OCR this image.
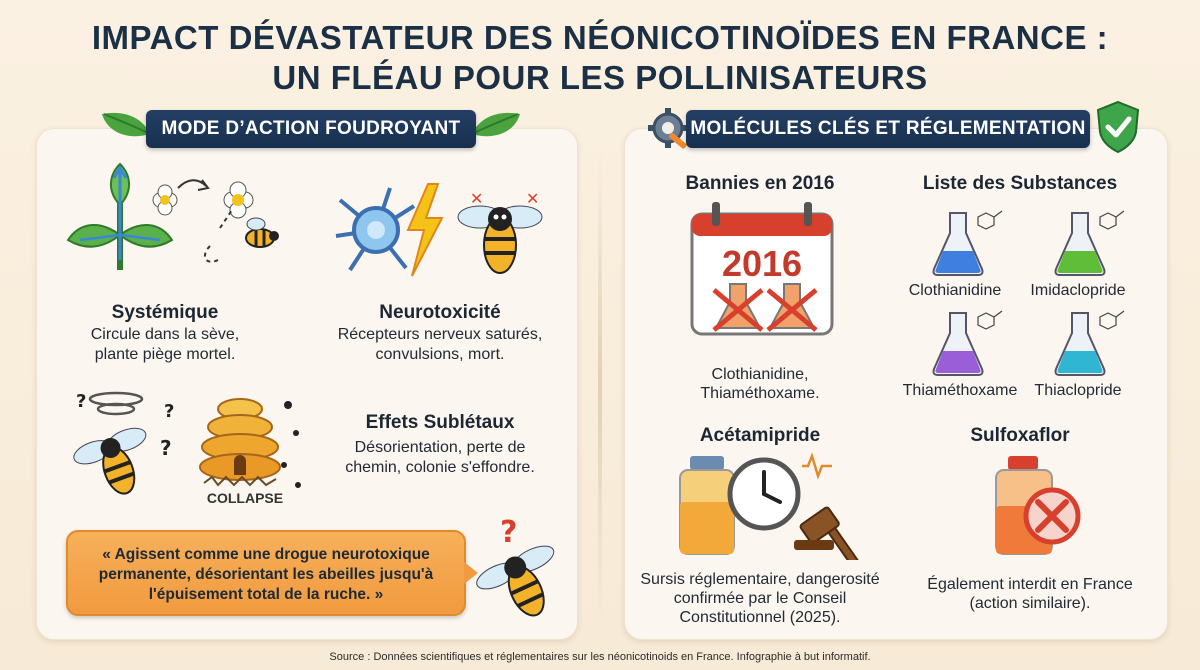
IMPACT DÉVASTATEUR DES NÉONICOTINOÏDES EN FRANCE :
UN FLÉAU POUR LES POLLINISATEURS
MODE D’ACTION FOUDROYANT	MOLÉCULES CLÉS ET RÉGLEMENTATION
✕	✕
Systémique
Circule dans la sève,
plante piège mortel.
Neurotoxicité
Récepteurs nerveux saturés,
convulsions, mort.
?	?
?
COLLAPSE
Effets Sublétaux
Désorientation, perte de
chemin, colonie s'effondre.
« Agissent comme une drogue neurotoxique
permanente, désorientant les abeilles jusqu'à
l'épuisement total de la ruche. »
?
Bannies en 2016
2016
Clothianidine,
Thiaméthoxame.
Liste des Substances
Clothianidine	Imidaclopride
Thiaméthoxame	Thiaclopride
Acétamipride
Sursis réglementaire, dangerosité
confirmée par le Conseil
Constitutionnel (2025).
Sulfoxaflor
Également interdit en France
(action similaire).
Source : Données scientifiques et réglementaires sur les néonicotinoids en France. Infographie à but informatif.
